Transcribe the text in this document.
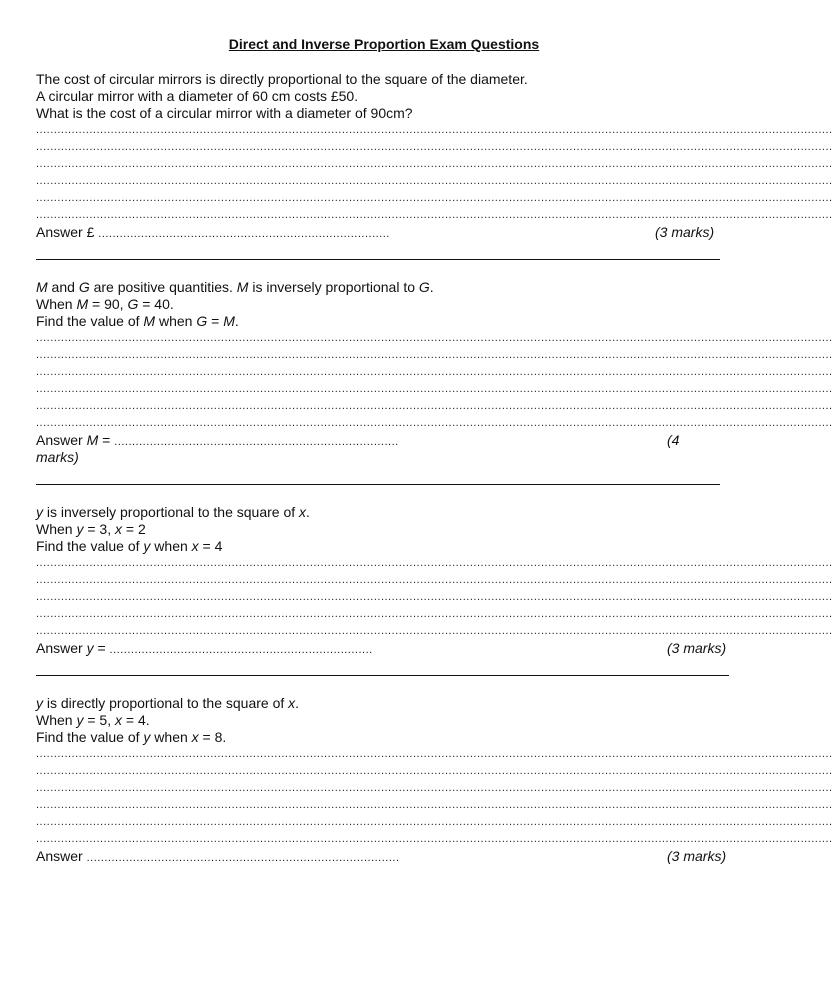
Direct and Inverse Proportion Exam Questions

The cost of circular mirrors is directly proportional to the square of the diameter.

A circular mirror with a diameter of 60 cm costs £50.

What is the cost of a circular mirror with a diameter of 90cm?

................................................................................................................................................................................................................................
................................................................................................................................................................................................................................
................................................................................................................................................................................................................................
................................................................................................................................................................................................................................
................................................................................................................................................................................................................................
................................................................................................................................................................................................................................
Answer £ ..................................................................................	(3 marks)

M and G are positive quantities. M is inversely proportional to G.

When M = 90, G = 40.

Find the value of M when G = M.

................................................................................................................................................................................................................................
................................................................................................................................................................................................................................
................................................................................................................................................................................................................................
................................................................................................................................................................................................................................
................................................................................................................................................................................................................................
................................................................................................................................................................................................................................
Answer M = ................................................................................	(4

marks)

y is inversely proportional to the square of x.

When y = 3, x = 2

Find the value of y when x = 4

................................................................................................................................................................................................................................
................................................................................................................................................................................................................................
................................................................................................................................................................................................................................
................................................................................................................................................................................................................................
................................................................................................................................................................................................................................
Answer y = ..........................................................................	(3 marks)

y is directly proportional to the square of x.

When y = 5, x = 4.

Find the value of y when x = 8.

................................................................................................................................................................................................................................
................................................................................................................................................................................................................................
................................................................................................................................................................................................................................
................................................................................................................................................................................................................................
................................................................................................................................................................................................................................
................................................................................................................................................................................................................................
Answer ........................................................................................	(3 marks)
